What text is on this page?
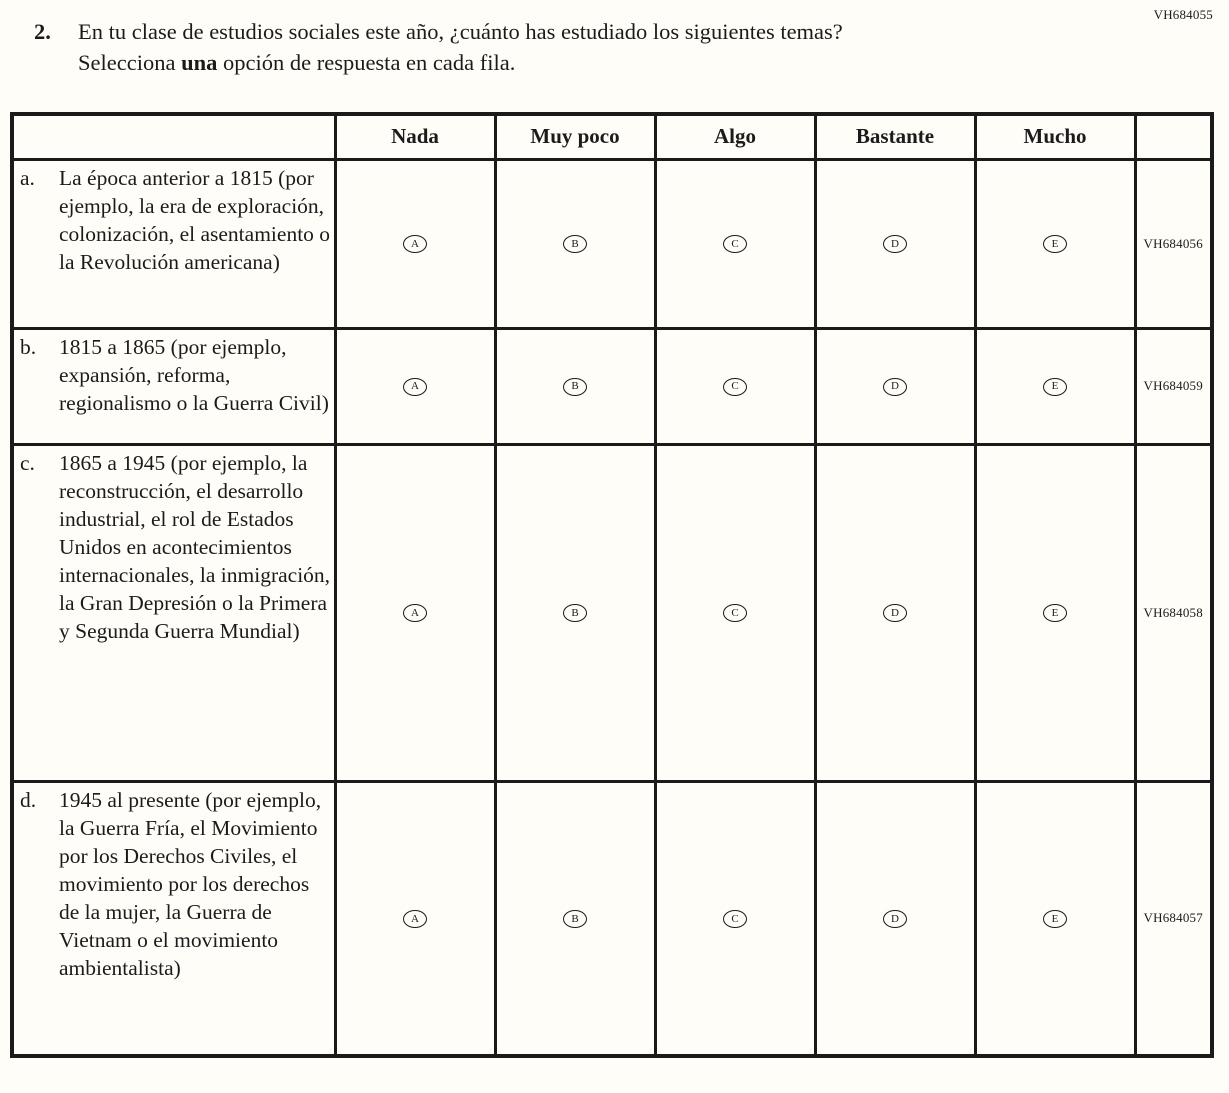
VH684055
2.	En tu clase de estudios sociales este año, ¿cuánto has estudiado los siguientes temas? Selecciona una opción de respuesta en cada fila.
	Nada	Muy poco	Algo	Bastante	Mucho	

a. La época anterior a 1815 (por ejemplo, la era de exploración, colonización, el asentamiento o la Revolución americana)	A	B	C	D	E	VH684056

b. 1815 a 1865 (por ejemplo, expansión, reforma, regionalismo o la Guerra Civil)	A	B	C	D	E	VH684059

c. 1865 a 1945 (por ejemplo, la reconstrucción, el desarrollo industrial, el rol de Estados Unidos en acontecimientos internacionales, la inmigración, la Gran Depresión o la Primera y Segunda Guerra Mundial)	A	B	C	D	E	VH684058

d. 1945 al presente (por ejemplo, la Guerra Fría, el Movimiento por los Derechos Civiles, el movimiento por los derechos de la mujer, la Guerra de Vietnam o el movimiento ambientalista)	A	B	C	D	E	VH684057
